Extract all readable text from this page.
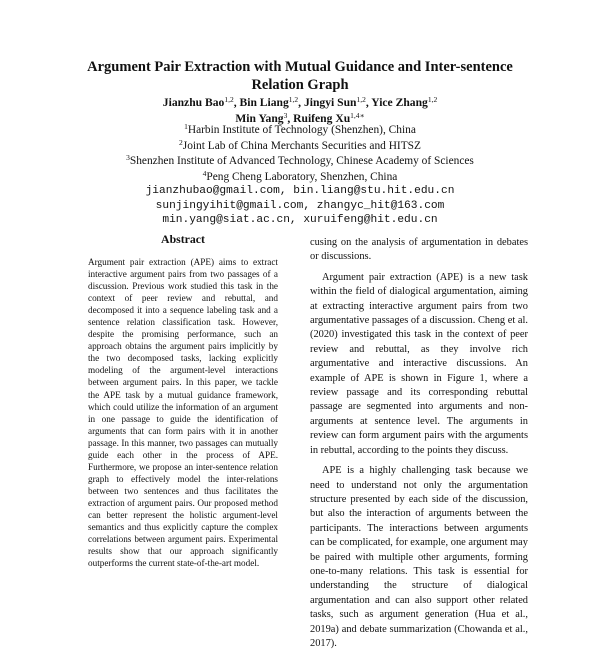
Argument Pair Extraction with Mutual Guidance and Inter-sentence
Relation Graph
Jianzhu Bao$^{1,2}$, Bin Liang$^{1,2}$, Jingyi Sun$^{1,2}$, Yice Zhang$^{1,2}$
Min Yang$^3$, Ruifeng $Xu^{1,4∗}$
$^1$Harbin Institute of Technology (Shenzhen), China
$^2$Joint Lab of China Merchants Securities and HITSZ
$^3$Shenzhen Institute of Advanced Technology, Chinese Academy of Sciences
$^4$Peng Cheng Laboratory, Shenzhen, China
jianzhubao@gmail.com, bin.liang@stu.hit.edu.cn
sunjingyihit@gmail.com, zhangyc_hit@163.com
min.yang@siat.ac.cn, xuruifeng@hit.edu.cn
Abstract
Argument pair extraction (APE) aims to extract interactive argument pairs from two passages of a discussion. Previous work studied this task in the context of peer review and rebuttal, and decomposed it into a sequence labeling task and a sentence relation classification task. However, despite the promising performance, such an approach obtains the argument pairs implicitly by the two decomposed tasks, lacking explicitly modeling of the argument-level interactions between argument pairs. In this paper, we tackle the APE task by a mutual guidance framework, which could utilize the information of an argument in one passage to guide the identification of arguments that can form pairs with it in another passage. In this manner, two passages can mutually guide each other in the process of APE. Furthermore, we propose an inter-sentence relation graph to effectively model the inter-relations between two sentences and thus facilitates the extraction of argument pairs. Our proposed method can better represent the holistic argument-level semantics and thus explicitly capture the complex correlations between argument pairs. Experimental results show that our approach significantly outperforms the current state-of-the-art model.

cusing on the analysis of argumentation in debates or discussions.

Argument pair extraction (APE) is a new task within the field of dialogical argumentation, aiming at extracting interactive argument pairs from two argumentative passages of a discussion. Cheng et al. (2020) investigated this task in the context of peer review and rebuttal, as they involve rich argumentative and interactive discussions. An example of APE is shown in Figure 1, where a review passage and its corresponding rebuttal passage are segmented into arguments and non-arguments at sentence level. The arguments in review can form argument pairs with the arguments in rebuttal, according to the points they discuss.

APE is a highly challenging task because we need to understand not only the argumentation structure presented by each side of the discussion, but also the interaction of arguments between the participants. The interactions between arguments can be complicated, for example, one argument may be paired with multiple other arguments, forming one-to-many relations. This task is essential for understanding the structure of dialogical argumentation and can also support other related tasks, such as argument generation (Hua et al., 2019a) and debate summarization (Chowanda et al., 2017).
